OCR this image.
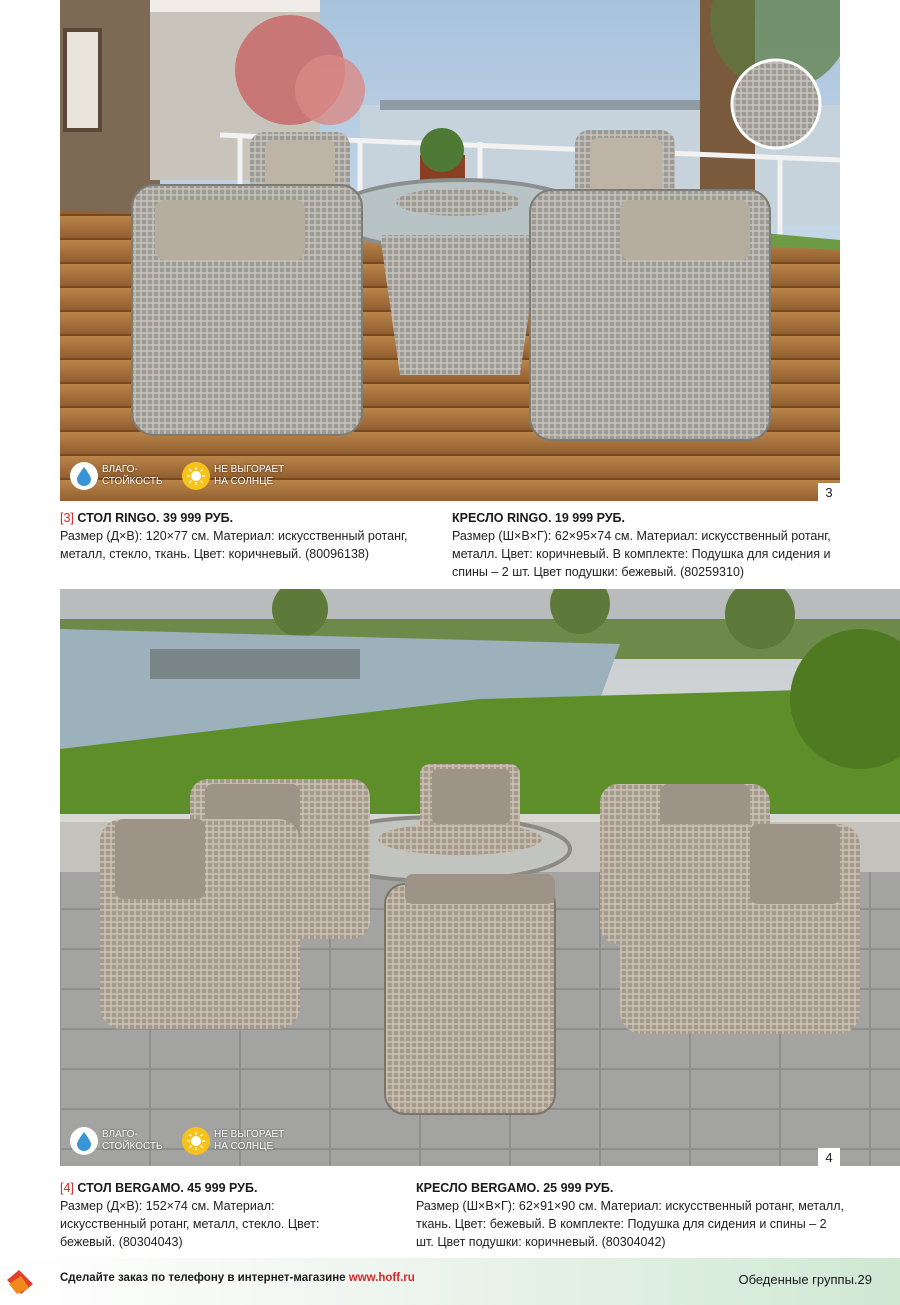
3
ВЛАГО-
СТОЙКОСТЬ
НЕ ВЫГОРАЕТ
НА СОЛНЦЕ
[3] СТОЛ RINGO. 39 999 РУБ.
Размер (Д×В): 120×77 см. Материал: искусственный ротанг, металл, стекло, ткань. Цвет: коричневый. (80096138)
КРЕСЛО RINGO. 19 999 РУБ.
Размер (Ш×В×Г): 62×95×74 см. Материал: искусственный ротанг, металл. Цвет: коричневый. В комплекте: Подушка для сидения и спины – 2 шт. Цвет подушки: бежевый. (80259310)
4
ВЛАГО-
СТОЙКОСТЬ
НЕ ВЫГОРАЕТ
НА СОЛНЦЕ
[4] СТОЛ BERGAMO. 45 999 РУБ.
Размер (Д×В): 152×74 см. Материал: искусственный ротанг, металл, стекло. Цвет: бежевый. (80304043)
КРЕСЛО BERGAMO. 25 999 РУБ.
Размер (Ш×В×Г): 62×91×90 см. Материал: искусственный ротанг, металл, ткань. Цвет: бежевый. В комплекте: Подушка для сидения и спины – 2 шт. Цвет подушки: коричневый. (80304042)
Сделайте заказ по телефону в интернет-магазине www.hoff.ru	Обеденные группы.29
